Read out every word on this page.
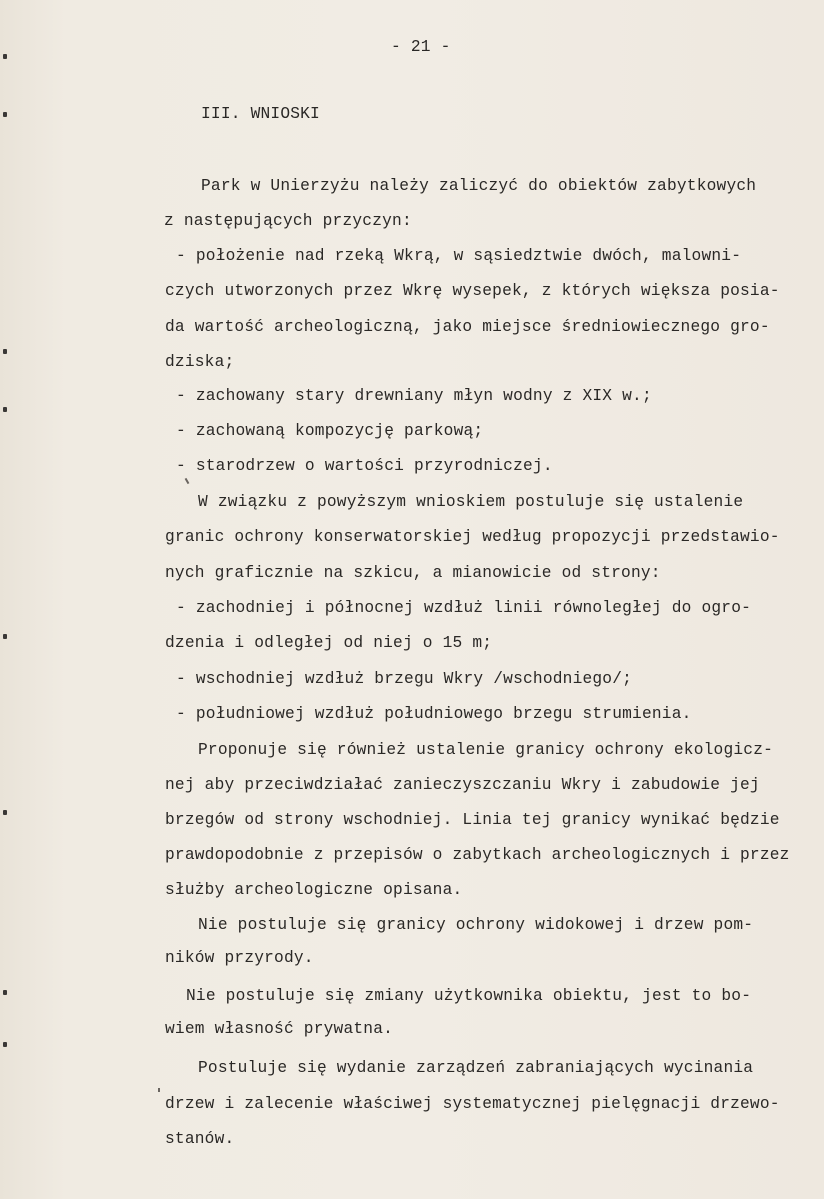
- 21 -
III. WNIOSKI
Park w Unierzyżu należy zaliczyć do obiektów zabytkowych
z następujących przyczyn:
- położenie nad rzeką Wkrą, w sąsiedztwie dwóch, malowni-
czych utworzonych przez Wkrę wysepek, z których większa posia-
da wartość archeologiczną, jako miejsce średniowiecznego gro-
dziska;
- zachowany stary drewniany młyn wodny z XIX w.;
- zachowaną kompozycję parkową;
- starodrzew o wartości przyrodniczej.
W związku z powyższym wnioskiem postuluje się ustalenie
granic ochrony konserwatorskiej według propozycji przedstawio-
nych graficznie na szkicu, a mianowicie od strony:
- zachodniej i północnej wzdłuż linii równoległej do ogro-
dzenia i odległej od niej o 15 m;
- wschodniej wzdłuż brzegu Wkry /wschodniego/;
- południowej wzdłuż południowego brzegu strumienia.
Proponuje się również ustalenie granicy ochrony ekologicz-
nej aby przeciwdziałać zanieczyszczaniu Wkry i zabudowie jej
brzegów od strony wschodniej. Linia tej granicy wynikać będzie
prawdopodobnie z przepisów o zabytkach archeologicznych i przez
służby archeologiczne opisana.
Nie postuluje się granicy ochrony widokowej i drzew pom-
ników przyrody.
Nie postuluje się zmiany użytkownika obiektu, jest to bo-
wiem własność prywatna.
Postuluje się wydanie zarządzeń zabraniających wycinania
drzew i zalecenie właściwej systematycznej pielęgnacji drzewo-
stanów.
